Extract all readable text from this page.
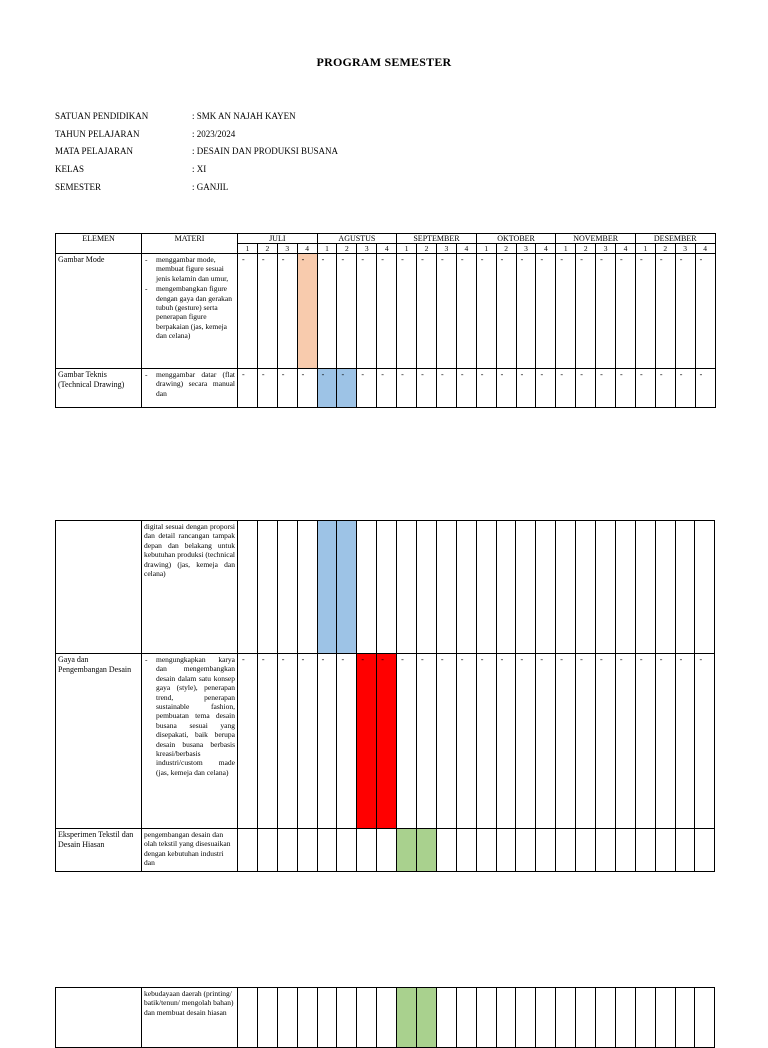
PROGRAM SEMESTER
SATUAN PENDIDIKAN	: SMK AN NAJAH KAYEN
TAHUN PELAJARAN	: 2023/2024
MATA PELAJARAN	: DESAIN DAN PRODUKSI BUSANA
KELAS	: XI
SEMESTER	: GANJIL
ELEMEN	MATERI	JULI				AGUSTUS				SEPTEMBER				OKTOBER				NOVEMBER				DESEMBER			
		1	2	3	4	1	2	3	4	1	2	3	4	1	2	3	4	1	2	3	4	1	2	3	4
Gambar Mode	- menggambar mode, membuat figure sesuai jenis kelamin dan umur,
- mengembangkan figure dengan gaya dan gerakan tubuh (gesture) serta penerapan figure berpakaian (jas, kemeja dan celana)	-	-	-	-	-	-	-	-	-	-	-	-	-	-	-	-	-	-	-	-	-	-	-	-

Gambar Teknis (Technical Drawing)	- menggambar datar (flat drawing) secara manual dan	-	-	-	-	-	-	-	-	-	-	-	-	-	-	-	-	-	-	-	-	-	-	-	-

	digital sesuai dengan proporsi dan detail rancangan tampak depan dan belakang untuk kebutuhan produksi (technical drawing) (jas, kemeja dan celana)																								

Gaya dan Pengembangan Desain	- mengungkapkan karya dan mengembangkan desain dalam satu konsep gaya (style), penerapan trend, penerapan sustainable fashion, pembuatan tema desain busana sesuai yang disepakati, baik berupa desain busana berbasis kreasi/berbasis industri/custom made (jas, kemeja dan celana)	-	-	-	-	-	-	-	-	-	-	-	-	-	-	-	-	-	-	-	-	-	-	-	-

Eksperimen Tekstil dan Desain Hiasan	pengembangan desain dan olah tekstil yang disesuaikan dengan kebutuhan industri dan																								

kebudayaan daerah (printing/ batik/tenun/ mengolah bahan) dan membuat desain hiasan
